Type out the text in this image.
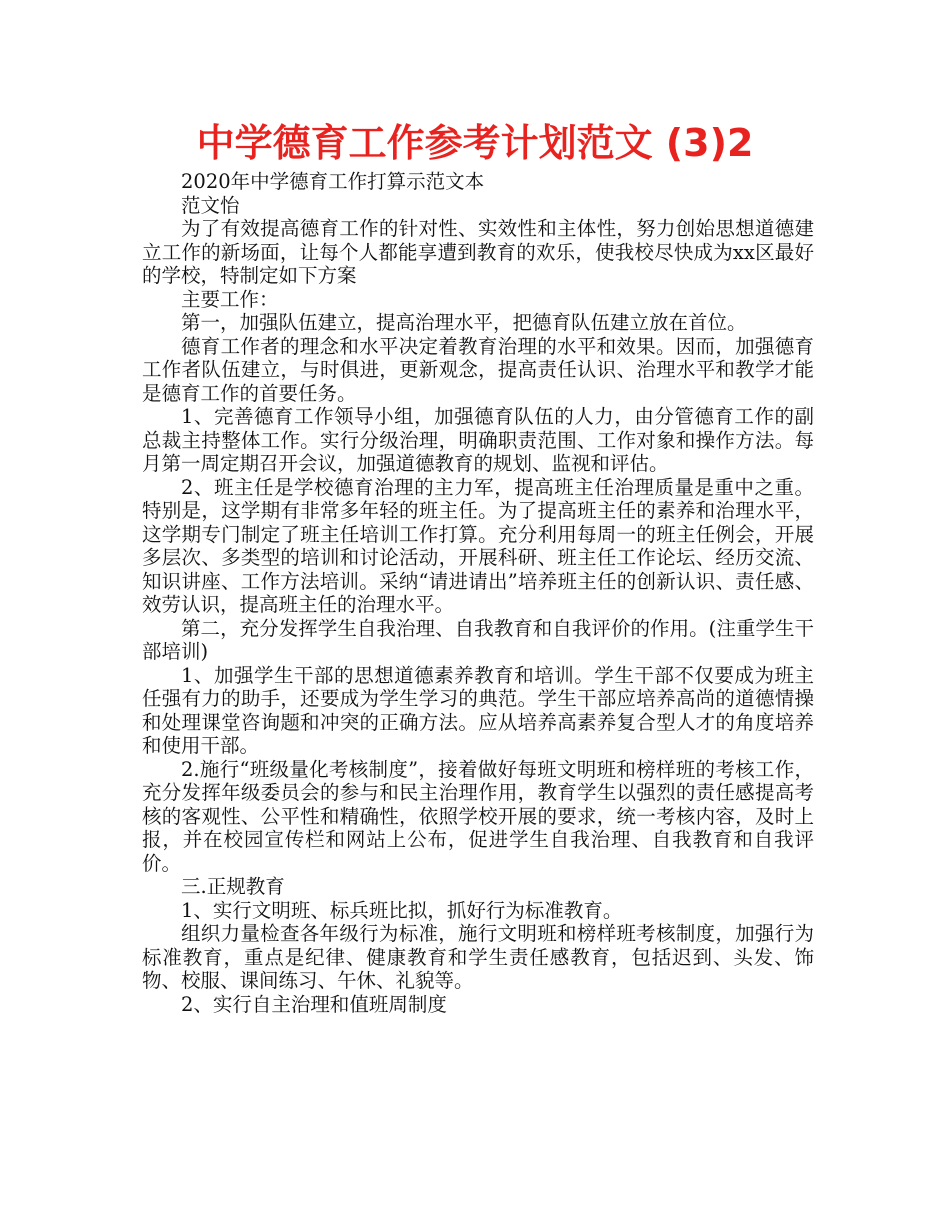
中学德育工作参考计划范文 (3)2

2020年中学德育工作打算示范文本

范文怡

为了有效提高德育工作的针对性、实效性和主体性，努力创始思想道德建立工作的新场面，让每个人都能享遭到教育的欢乐，使我校尽快成为xx区最好的学校，特制定如下方案

主要工作：

第一，加强队伍建立，提高治理水平，把德育队伍建立放在首位。

德育工作者的理念和水平决定着教育治理的水平和效果。因而，加强德育工作者队伍建立，与时俱进，更新观念，提高责任认识、治理水平和教学才能是德育工作的首要任务。

1、完善德育工作领导小组，加强德育队伍的人力，由分管德育工作的副总裁主持整体工作。实行分级治理，明确职责范围、工作对象和操作方法。每月第一周定期召开会议，加强道德教育的规划、监视和评估。

2、班主任是学校德育治理的主力军，提高班主任治理质量是重中之重。特别是，这学期有非常多年轻的班主任。为了提高班主任的素养和治理水平，这学期专门制定了班主任培训工作打算。充分利用每周一的班主任例会，开展多层次、多类型的培训和讨论活动，开展科研、班主任工作论坛、经历交流、知识讲座、工作方法培训。采纳“请进请出”培养班主任的创新认识、责任感、效劳认识，提高班主任的治理水平。

第二，充分发挥学生自我治理、自我教育和自我评价的作用。(注重学生干部培训)

1、加强学生干部的思想道德素养教育和培训。学生干部不仅要成为班主任强有力的助手，还要成为学生学习的典范。学生干部应培养高尚的道德情操和处理课堂咨询题和冲突的正确方法。应从培养高素养复合型人才的角度培养和使用干部。

2.施行“班级量化考核制度”，接着做好每班文明班和榜样班的考核工作，充分发挥年级委员会的参与和民主治理作用，教育学生以强烈的责任感提高考核的客观性、公平性和精确性，依照学校开展的要求，统一考核内容，及时上报，并在校园宣传栏和网站上公布，促进学生自我治理、自我教育和自我评价。

三.正规教育

1、实行文明班、标兵班比拟，抓好行为标准教育。

组织力量检查各年级行为标准，施行文明班和榜样班考核制度，加强行为标准教育，重点是纪律、健康教育和学生责任感教育，包括迟到、头发、饰物、校服、课间练习、午休、礼貌等。

2、实行自主治理和值班周制度
